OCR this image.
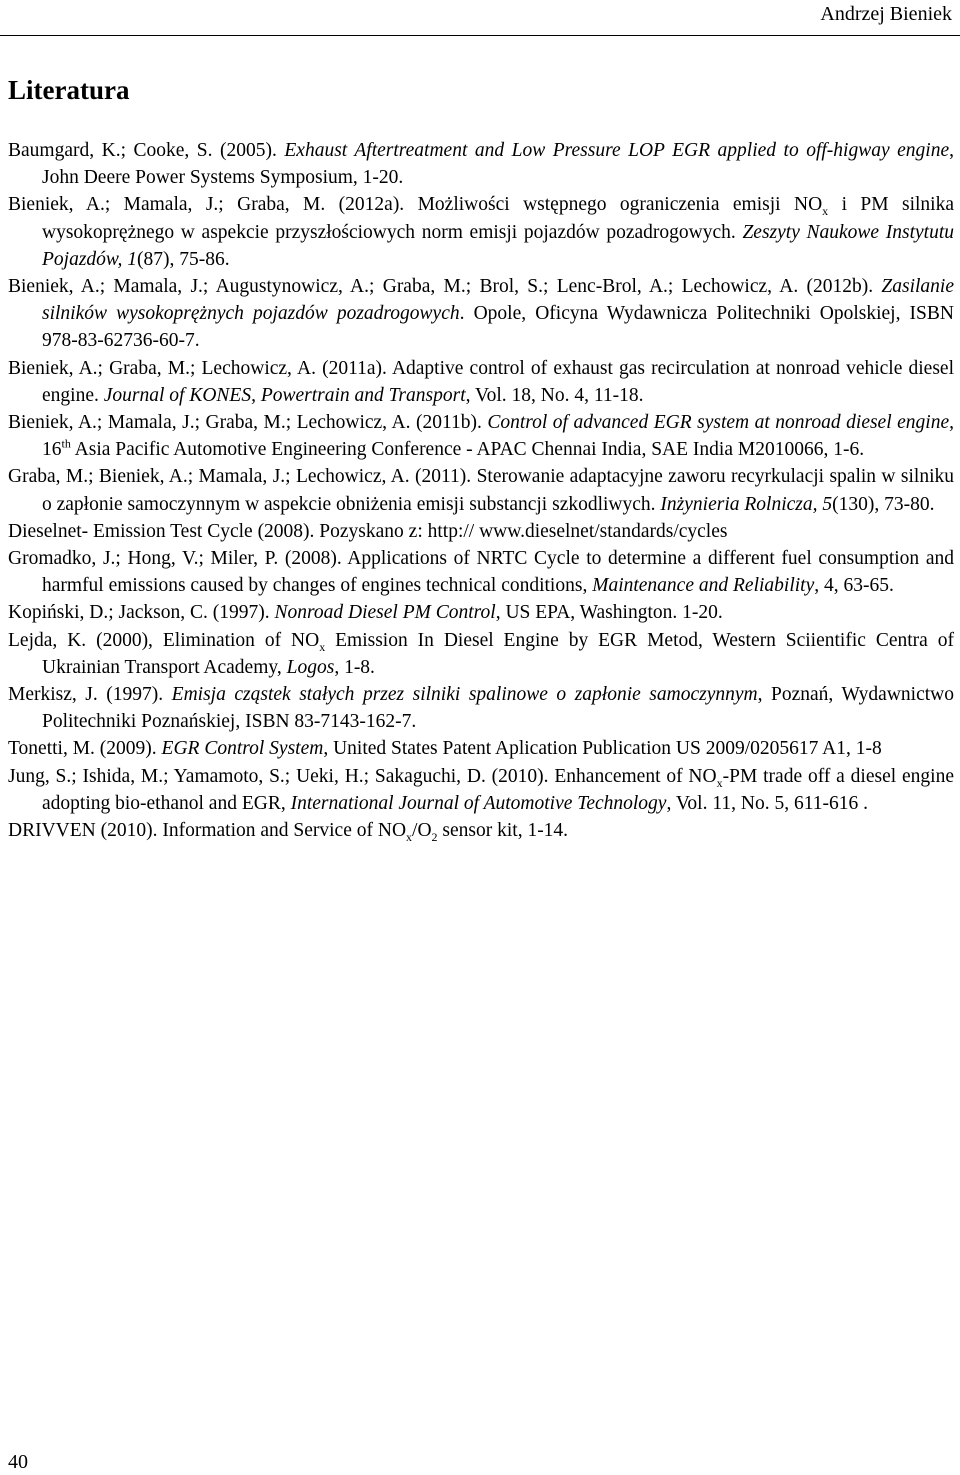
Andrzej Bieniek
Literatura
Baumgard, K.; Cooke, S. (2005). Exhaust Aftertreatment and Low Pressure LOP EGR applied to off-higway engine, John Deere Power Systems Symposium, 1-20.
Bieniek, A.; Mamala, J.; Graba, M. (2012a). Możliwości wstępnego ograniczenia emisji $NO_x$ i PM silnika wysokoprężnego w aspekcie przyszłościowych norm emisji pojazdów pozadrogowych. Zeszyty Naukowe Instytutu Pojazdów, 1(87), 75-86.
Bieniek, A.; Mamala, J.; Augustynowicz, A.; Graba, M.; Brol, S.; Lenc-Brol, A.; Lechowicz, A. (2012b). Zasilanie silników wysokoprężnych pojazdów pozadrogowych. Opole, Oficyna Wydawnicza Politechniki Opolskiej, ISBN 978-83-62736-60-7.
Bieniek, A.; Graba, M.; Lechowicz, A. (2011a). Adaptive control of exhaust gas recirculation at nonroad vehicle diesel engine. Journal of KONES, Powertrain and Transport, Vol. 18, No. 4, 11-18.
Bieniek, A.; Mamala, J.; Graba, M.; Lechowicz, A. (2011b). Control of advanced EGR system at nonroad diesel engine, 16th Asia Pacific Automotive Engineering Conference - APAC Chennai India, SAE India M2010066, 1-6.
Graba, M.; Bieniek, A.; Mamala, J.; Lechowicz, A. (2011). Sterowanie adaptacyjne zaworu recyrkulacji spalin w silniku o zapłonie samoczynnym w aspekcie obniżenia emisji substancji szkodliwych. Inżynieria Rolnicza, 5(130), 73-80.
Dieselnet- Emission Test Cycle (2008). Pozyskano z: http:// www.dieselnet/standards/cycles
Gromadko, J.; Hong, V.; Miler, P. (2008). Applications of NRTC Cycle to determine a different fuel consumption and harmful emissions caused by changes of engines technical conditions, Maintenance and Reliability, 4, 63-65.
Kopiński, D.; Jackson, C. (1997). Nonroad Diesel PM Control, US EPA, Washington. 1-20.
Lejda, K. (2000), Elimination of $NO_x$ Emission In Diesel Engine by EGR Metod, Western Sciientific Centra of Ukrainian Transport Academy, Logos, 1-8.
Merkisz, J. (1997). Emisja cząstek stałych przez silniki spalinowe o zapłonie samoczynnym, Poznań, Wydawnictwo Politechniki Poznańskiej, ISBN 83-7143-162-7.
Tonetti, M. (2009). EGR Control System, United States Patent Aplication Publication US 2009/0205617 A1, 1-8
Jung, S.; Ishida, M.; Yamamoto, S.; Ueki, H.; Sakaguchi, D. (2010). Enhancement of $NO_x-PM$ trade off a diesel engine adopting bio-ethanol and EGR, International Journal of Automotive Technology, Vol. 11, No. 5, 611-616 .
DRIVVEN (2010). Information and Service of $NO_x/O_2$ sensor kit, 1-14.
40
